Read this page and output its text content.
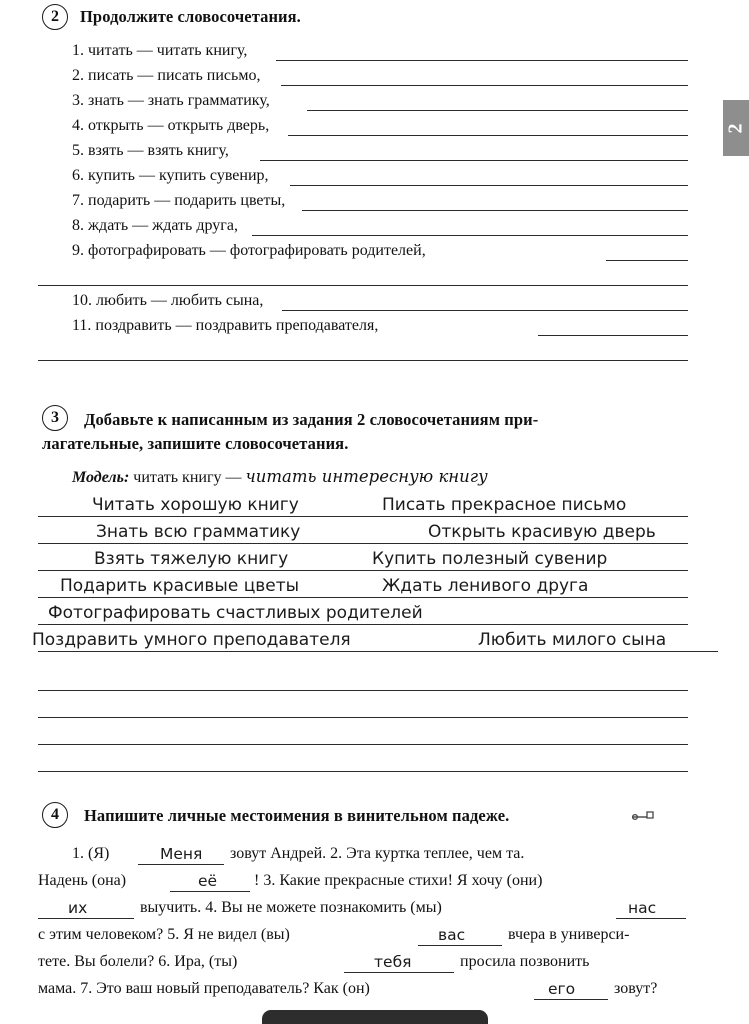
2
2	Продолжите словосочетания.
1. читать — читать книгу,
2. писать — писать письмо,
3. знать — знать грамматику,
4. открыть — открыть дверь,
5. взять — взять книгу,
6. купить — купить сувенир,
7. подарить — подарить цветы,
8. ждать — ждать друга,
9. фотографировать — фотографировать родителей,
10. любить — любить сына,
11. поздравить — поздравить преподавателя,
3	Добавьте к написанным из задания 2 словосочетаниям при-
лагательные, запишите словосочетания.
Модель: читать книгу — читать интересную книгу
Читать хорошую книгу	Писать прекрасное письмо
Знать всю грамматику	Открыть красивую дверь
Взять тяжелую книгу	Купить полезный сувенир
Подарить красивые цветы	Ждать ленивого друга
Фотографировать счастливых родителей
Поздравить умного преподавателя	Любить милого сына
4	Напишите личные местоимения в винительном падеже.
1. (Я)	Меня зовут Андрей. 2. Эта куртка теплее, чем та.
Надень (она)	её ! 3. Какие прекрасные стихи! Я хочу (они)
их	выучить. 4. Вы не можете познакомить (мы)	нас
с этим человеком? 5. Я не видел (вы)	вас	вчера в универси-
тете. Вы болели? 6. Ира, (ты)	тебя	просила позвонить
мама. 7. Это ваш новый преподаватель? Как (он)	его зовут?
